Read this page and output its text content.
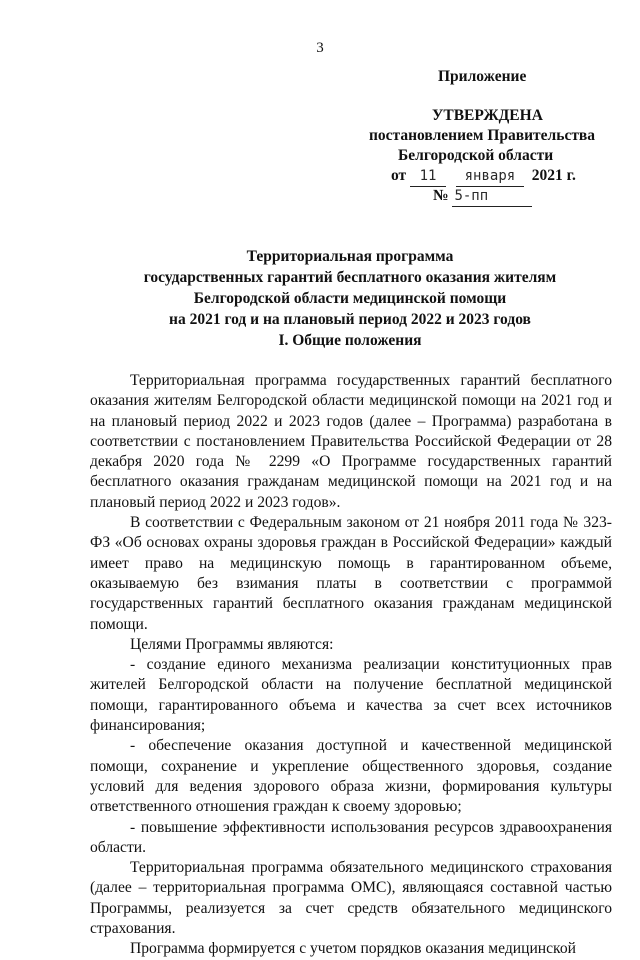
3
Приложение
УТВЕРЖДЕНА
постановлением Правительства
Белгородской области
от 11 января 2021 г.
№ 5-пп
Территориальная программа
государственных гарантий бесплатного оказания жителям
Белгородской области медицинской помощи
на 2021 год и на плановый период 2022 и 2023 годов
I. Общие положения

Территориальная программа государственных гарантий бесплатного оказания жителям Белгородской области медицинской помощи на 2021 год и на плановый период 2022 и 2023 годов (далее – Программа) разработана в соответствии с постановлением Правительства Российской Федерации от 28 декабря 2020 года № 2299 «О Программе государственных гарантий бесплатного оказания гражданам медицинской помощи на 2021 год и на плановый период 2022 и 2023 годов».

В соответствии с Федеральным законом от 21 ноября 2011 года № 323-ФЗ «Об основах охраны здоровья граждан в Российской Федерации» каждый имеет право на медицинскую помощь в гарантированном объеме, оказываемую без взимания платы в соответствии с программой государственных гарантий бесплатного оказания гражданам медицинской помощи.

Целями Программы являются:

- создание единого механизма реализации конституционных прав жителей Белгородской области на получение бесплатной медицинской помощи, гарантированного объема и качества за счет всех источников финансирования;

- обеспечение оказания доступной и качественной медицинской помощи, сохранение и укрепление общественного здоровья, создание условий для ведения здорового образа жизни, формирования культуры ответственного отношения граждан к своему здоровью;

- повышение эффективности использования ресурсов здравоохранения области.

Территориальная программа обязательного медицинского страхования (далее – территориальная программа ОМС), являющаяся составной частью Программы, реализуется за счет средств обязательного медицинского страхования.

Программа формируется с учетом порядков оказания медицинской
